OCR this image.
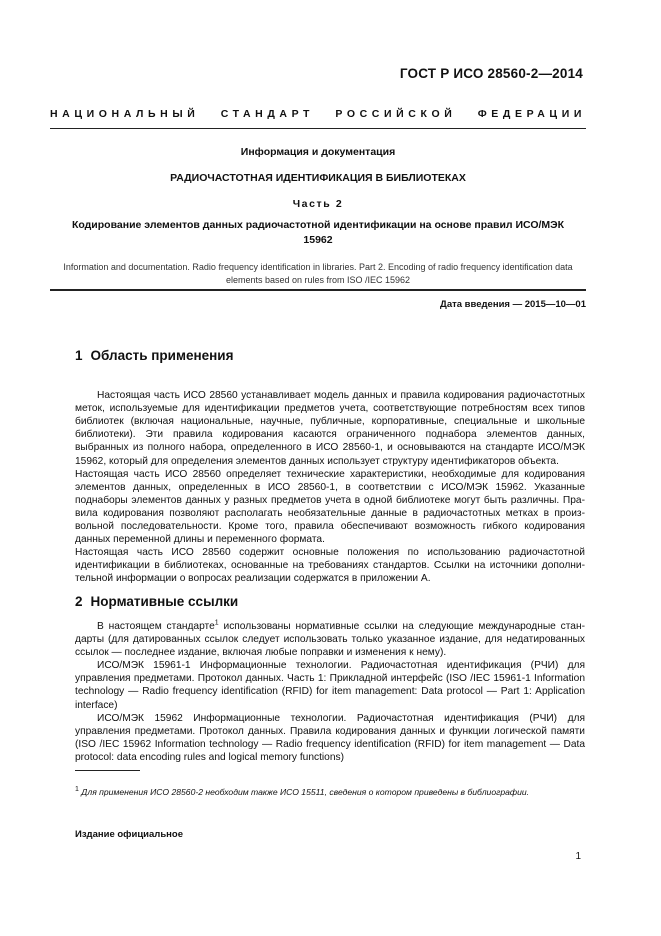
ГОСТ Р ИСО 28560-2—2014
НАЦИОНАЛЬНЫЙ СТАНДАРТ РОССИЙСКОЙ ФЕДЕРАЦИИ
Информация и документация
РАДИОЧАСТОТНАЯ ИДЕНТИФИКАЦИЯ В БИБЛИОТЕКАХ
Часть 2
Кодирование элементов данных радиочастотной идентификации на основе правил ИСО/МЭК 15962
Information and documentation. Radio frequency identification in libraries. Part 2. Encoding of radio frequency identification data elements based on rules from ISO /IEC 15962
Дата введения — 2015—10—01
1 Область применения

Настоящая часть ИСО 28560 устанавливает модель данных и правила кодирования радиочастотных меток, используемые для идентификации предметов учета, соответствующие потребностям всех типов библиотек (включая национальные, научные, публичные, корпоративные, специальные и школьные библиотеки). Эти правила кодирования касаются ограниченного поднабора элементов данных, выбранных из полного набора, определенного в ИСО 28560-1, и основываются на стандарте ИСО/МЭК 15962, который для определения элементов данных использует структуру идентификаторов объекта.

Настоящая часть ИСО 28560 определяет технические характеристики, необходимые для кодирования элементов данных, определенных в ИСО 28560-1, в соответствии с ИСО/МЭК 15962. Указанные поднаборы элементов данных у разных предметов учета в одной библиотеке могут быть различны. Правила кодирования позволяют располагать необязательные данные в радиочастотных метках в произвольной последовательности. Кроме того, правила обеспечивают возможность гибкого кодирования данных переменной длины и переменного формата.

Настоящая часть ИСО 28560 содержит основные положения по использованию радиочастотной идентификации в библиотеках, основанные на требованиях стандартов. Ссылки на источники дополнительной информации о вопросах реализации содержатся в приложении А.

2 Нормативные ссылки

В настоящем стандарте$^1$ использованы нормативные ссылки на следующие международные стандарты (для датированных ссылок следует использовать только указанное издание, для недатированных ссылок — последнее издание, включая любые поправки и изменения к нему).

ИСО/МЭК 15961-1 Информационные технологии. Радиочастотная идентификация (РЧИ) для управления предметами. Протокол данных. Часть 1: Прикладной интерфейс (ISO /IEC 15961-1 Information technology — Radio frequency identification (RFID) for item management: Data protocol — Part 1: Application interface)

ИСО/МЭК 15962 Информационные технологии. Радиочастотная идентификация (РЧИ) для управления предметами. Протокол данных. Правила кодирования данных и функции логической памяти (ISO /IEC 15962 Information technology — Radio frequency identification (RFID) for item management — Data protocol: data encoding rules and logical memory functions)

$^1$ Для применения ИСО 28560-2 необходим также ИСО 15511, сведения о котором приведены в библиографии.
Издание официальное
1
